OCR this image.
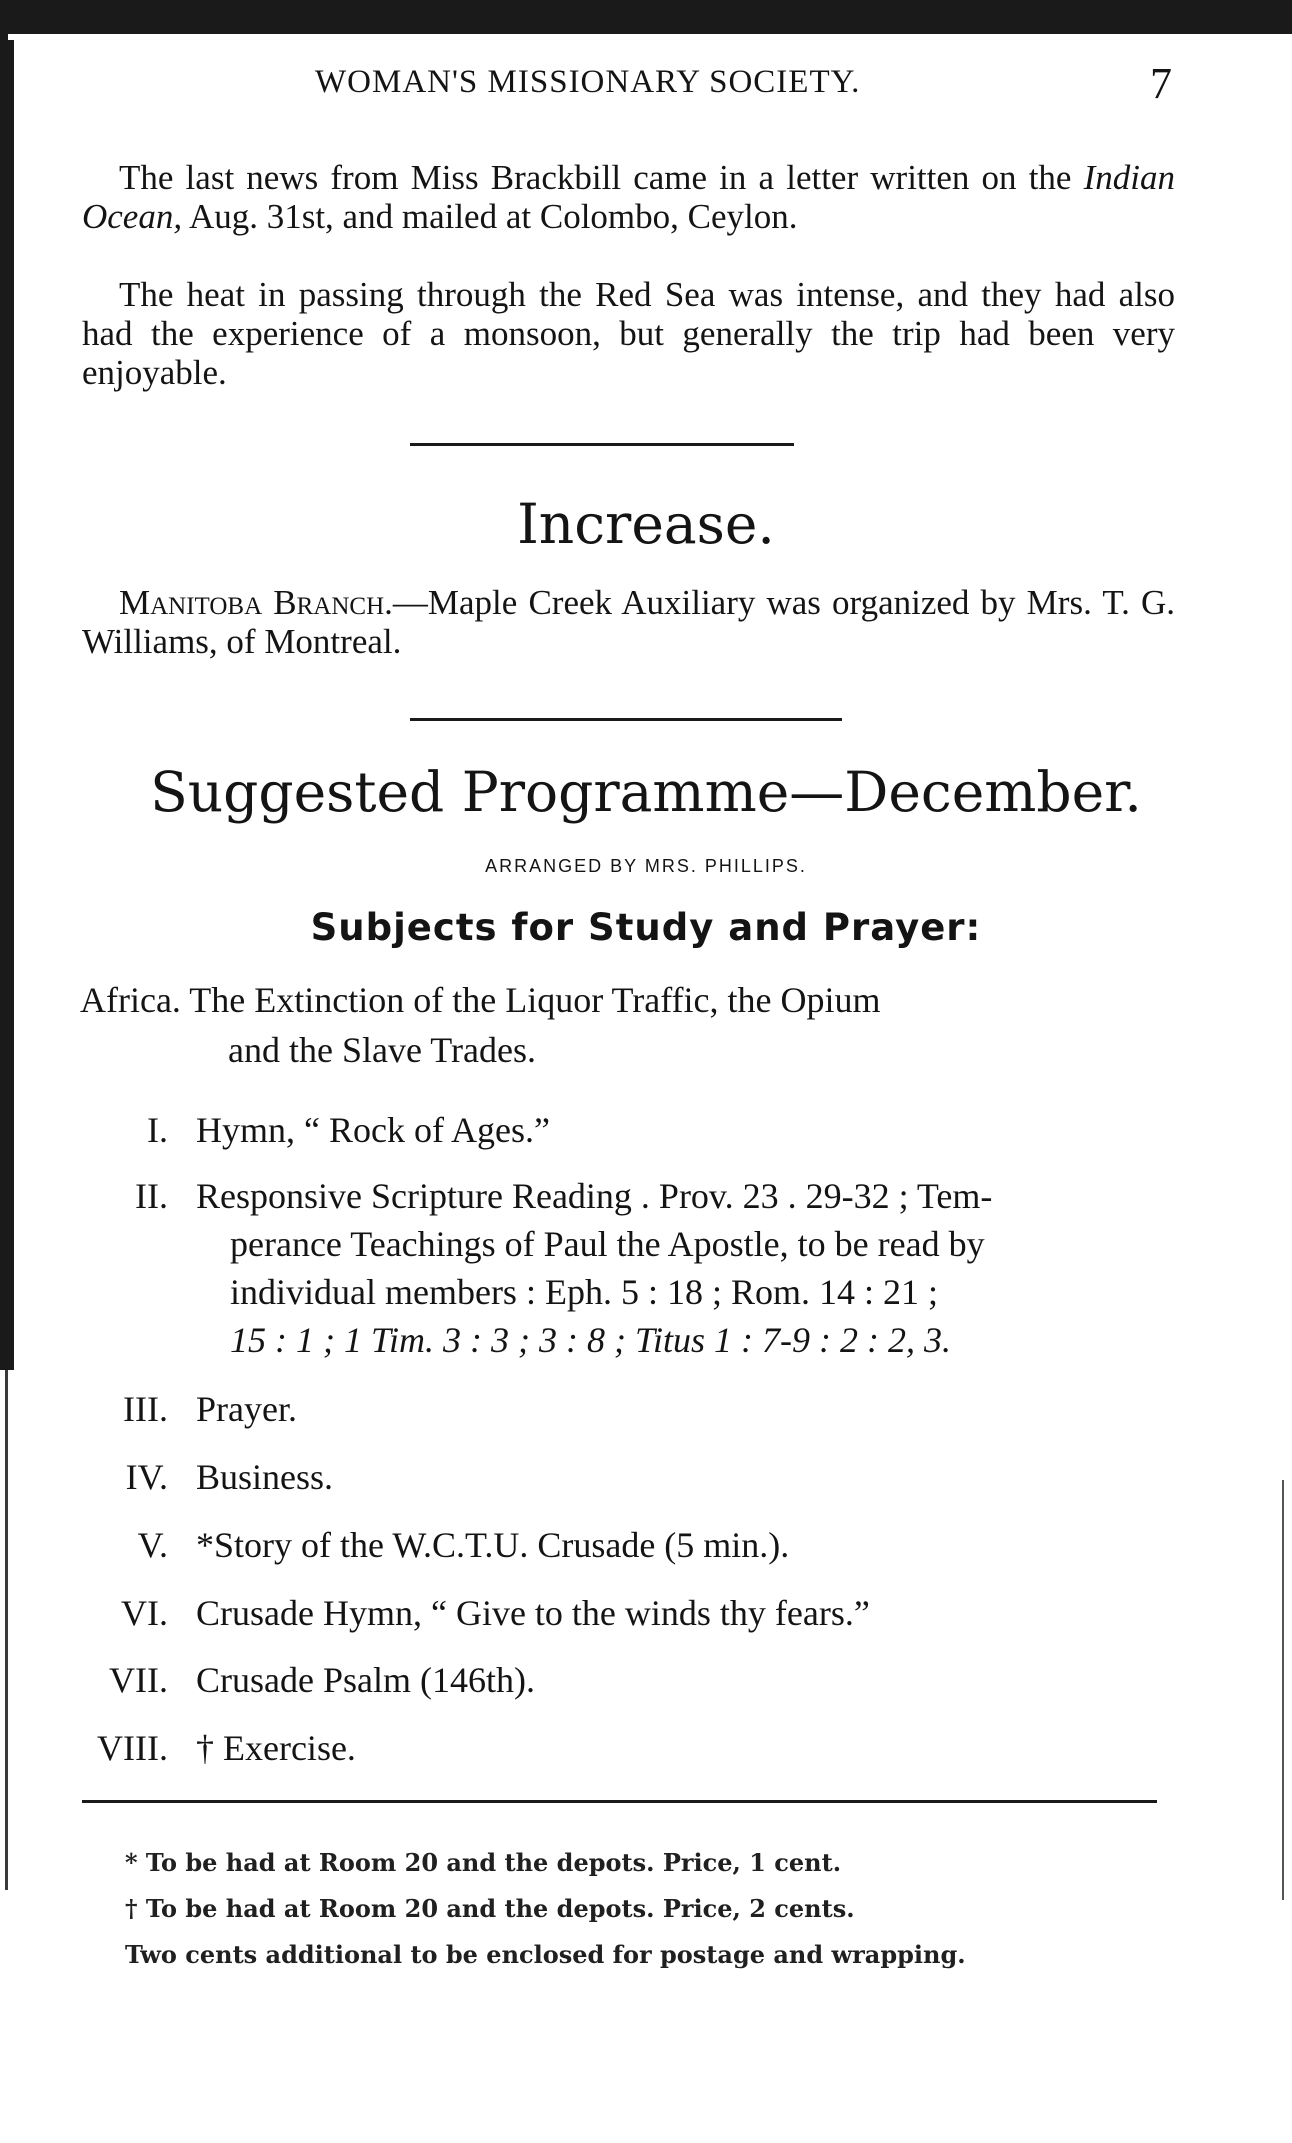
WOMAN'S MISSIONARY SOCIETY.	7

The last news from Miss Brackbill came in a letter written on the Indian Ocean, Aug. 31st, and mailed at Colombo, Ceylon.

The heat in passing through the Red Sea was intense, and they had also had the experience of a monsoon, but generally the trip had been very enjoyable.

Increase.

Manitoba Branch.—Maple Creek Auxiliary was organized by Mrs. T. G. Williams, of Montreal.

Suggested Programme—December.
ARRANGED BY MRS. PHILLIPS.
Subjects for Study and Prayer:
Africa. The Extinction of the Liquor Traffic, the Opium
and the Slave Trades.
I. Hymn, “ Rock of Ages.”
II. Responsive Scripture Reading . Prov. 23 . 29-32 ; Tem-
perance Teachings of Paul the Apostle, to be read by
individual members : Eph. 5 : 18 ; Rom. 14 : 21 ;
15 : 1 ; 1 Tim. 3 : 3 ; 3 : 8 ; Titus 1 : 7-9 : 2 : 2, 3.
III. Prayer.
IV. Business.
V. *Story of the W.C.T.U. Crusade (5 min.).
VI. Crusade Hymn, “ Give to the winds thy fears.”
VII. Crusade Psalm (146th).
VIII. † Exercise.
* To be had at Room 20 and the depots. Price, 1 cent.
† To be had at Room 20 and the depots. Price, 2 cents.
Two cents additional to be enclosed for postage and wrapping.
